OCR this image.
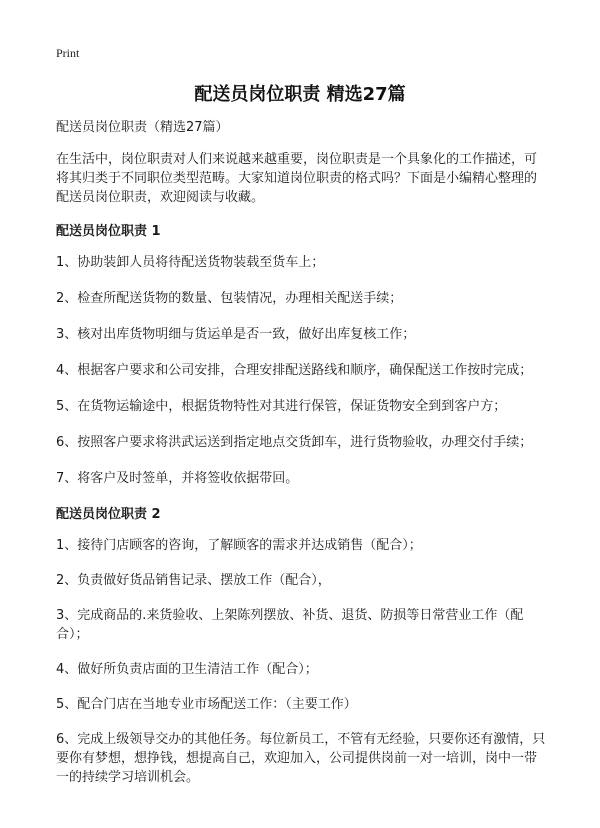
Print
配送员岗位职责 精选27篇

配送员岗位职责（精选27篇）

在生活中，岗位职责对人们来说越来越重要，岗位职责是一个具象化的工作描述，可将其归类于不同职位类型范畴。大家知道岗位职责的格式吗？下面是小编精心整理的配送员岗位职责，欢迎阅读与收藏。

配送员岗位职责 1

1、协助装卸人员将待配送货物装载至货车上；

2、检查所配送货物的数量、包装情况，办理相关配送手续；

3、核对出库货物明细与货运单是否一致，做好出库复核工作；

4、根据客户要求和公司安排，合理安排配送路线和顺序，确保配送工作按时完成；

5、在货物运输途中，根据货物特性对其进行保管，保证货物安全到到客户方；

6、按照客户要求将洪武运送到指定地点交货卸车，进行货物验收，办理交付手续；

7、将客户及时签单，并将签收依据带回。

配送员岗位职责 2

1、接待门店顾客的咨询，了解顾客的需求并达成销售（配合）；

2、负责做好货品销售记录、摆放工作（配合），

3、完成商品的.来货验收、上架陈列摆放、补货、退货、防损等日常营业工作（配合）；

4、做好所负责店面的卫生清洁工作（配合）；

5、配合门店在当地专业市场配送工作：（主要工作）

6、完成上级领导交办的其他任务。每位新员工，不管有无经验，只要你还有激情，只要你有梦想，想挣钱，想提高自己，欢迎加入，公司提供岗前一对一培训，岗中一带一的持续学习培训机会。
